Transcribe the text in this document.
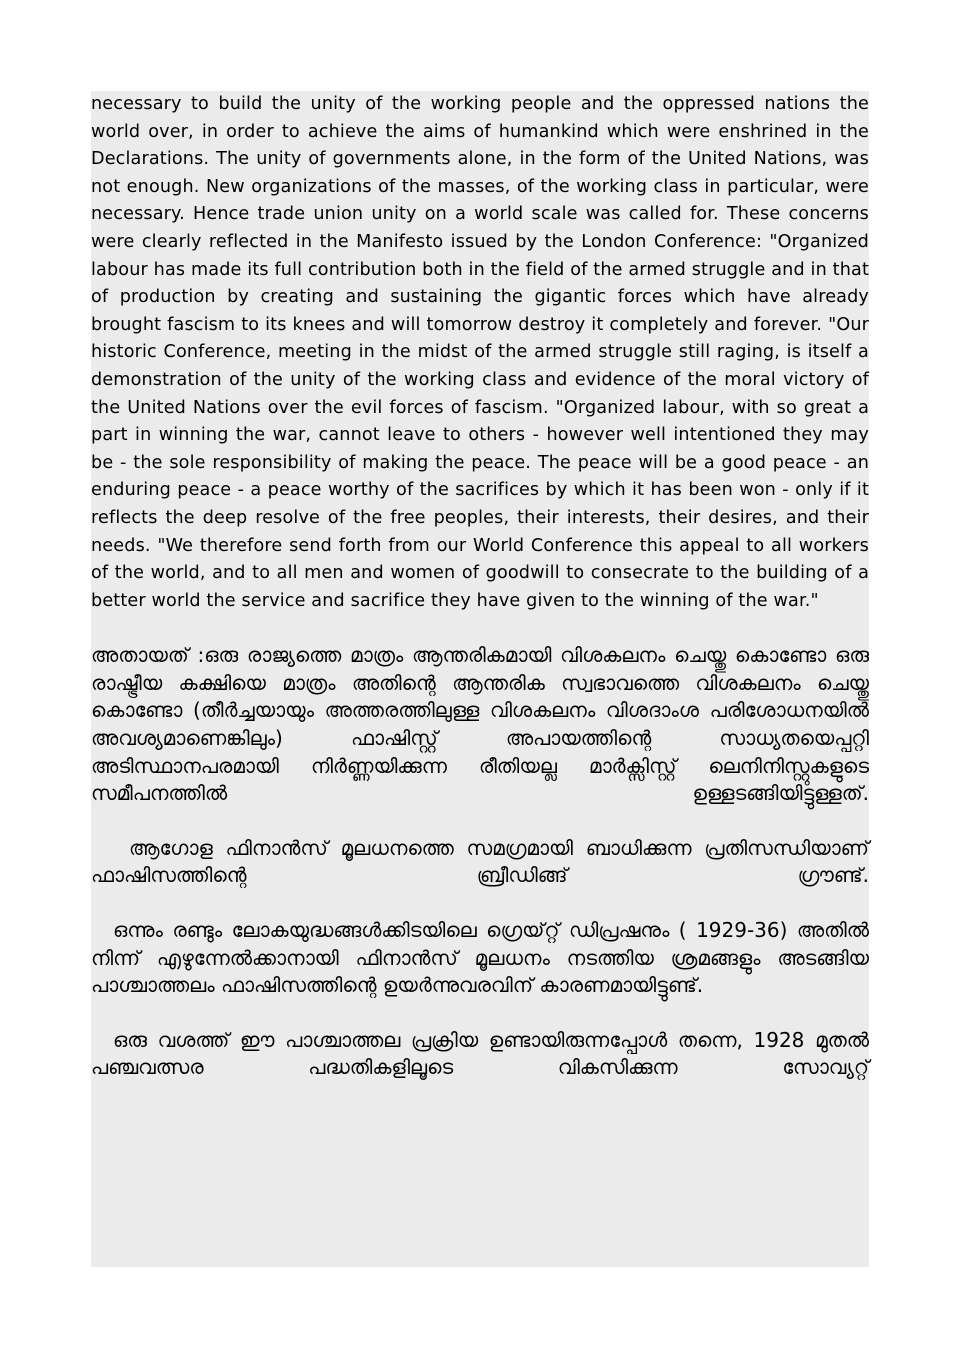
necessary to build the unity of the working people and the oppressed nations the world over, in order to achieve the aims of humankind which were enshrined in the Declarations. The unity of governments alone, in the form of the United Nations, was not enough. New organizations of the masses, of the working class in particular, were necessary. Hence trade union unity on a world scale was called for. These concerns were clearly reflected in the Manifesto issued by the London Conference: "Organized labour has made its full contribution both in the field of the armed struggle and in that of production by creating and sustaining the gigantic forces which have already brought fascism to its knees and will tomorrow destroy it completely and forever. "Our historic Conference, meeting in the midst of the armed struggle still raging, is itself a demonstration of the unity of the working class and evidence of the moral victory of the United Nations over the evil forces of fascism. "Organized labour, with so great a part in winning the war, cannot leave to others - however well intentioned they may be - the sole responsibility of making the peace. The peace will be a good peace - an enduring peace - a peace worthy of the sacrifices by which it has been won - only if it reflects the deep resolve of the free peoples, their interests, their desires, and their needs. "We therefore send forth from our World Conference this appeal to all workers of the world, and to all men and women of goodwill to consecrate to the building of a better world the service and sacrifice they have given to the winning of the war."

അതായത് :ഒരു രാജ്യത്തെ മാത്രം ആന്തരികമായി വിശകലനം ചെയ്തു കൊണ്ടോ ഒരു രാഷ്ട്രീയ കക്ഷിയെ മാത്രം അതിന്റെ ആന്തരിക സ്വഭാവത്തെ വിശകലനം ചെയ്തു കൊണ്ടോ (തീർച്ചയായും അത്തരത്തിലുള്ള വിശകലനം വിശദാംശ പരിശോധനയിൽ അവശ്യമാണെങ്കിലും) ഫാഷിസ്റ്റ് അപായത്തിന്റെ സാധ്യതയെപ്പറ്റി അടിസ്ഥാനപരമായി നിർണ്ണയിക്കുന്ന രീതിയല്ല മാർക്സിസ്റ്റ് ലെനിനിസ്റ്റുകളുടെ സമീപനത്തിൽ ഉള്ളടങ്ങിയിട്ടുള്ളത്.

ആഗോള ഫിനാൻസ് മൂലധനത്തെ സമഗ്രമായി ബാധിക്കുന്ന പ്രതിസന്ധിയാണ് ഫാഷിസത്തിന്റെ ബ്രീഡിങ്ങ് ഗ്രൗണ്ട്.

ഒന്നും രണ്ടും ലോകയുദ്ധങ്ങൾക്കിടയിലെ ഗ്രെയ്റ്റ് ഡിപ്രഷനും ( 1929-36) അതിൽ നിന്ന് എഴുന്നേൽക്കാനായി ഫിനാൻസ് മൂലധനം നടത്തിയ ശ്രമങ്ങളും അടങ്ങിയ പാശ്ചാത്തലം ഫാഷിസത്തിന്റെ ഉയർന്നുവരവിന് കാരണമായിട്ടുണ്ട്.

ഒരു വശത്ത് ഈ പാശ്ചാത്തല പ്രക്രിയ ഉണ്ടായിരുന്നപ്പോൾ തന്നെ, 1928 മുതൽ പഞ്ചവത്സര പദ്ധതികളിലൂടെ വികസിക്കുന്ന സോവ്യറ്റ്
